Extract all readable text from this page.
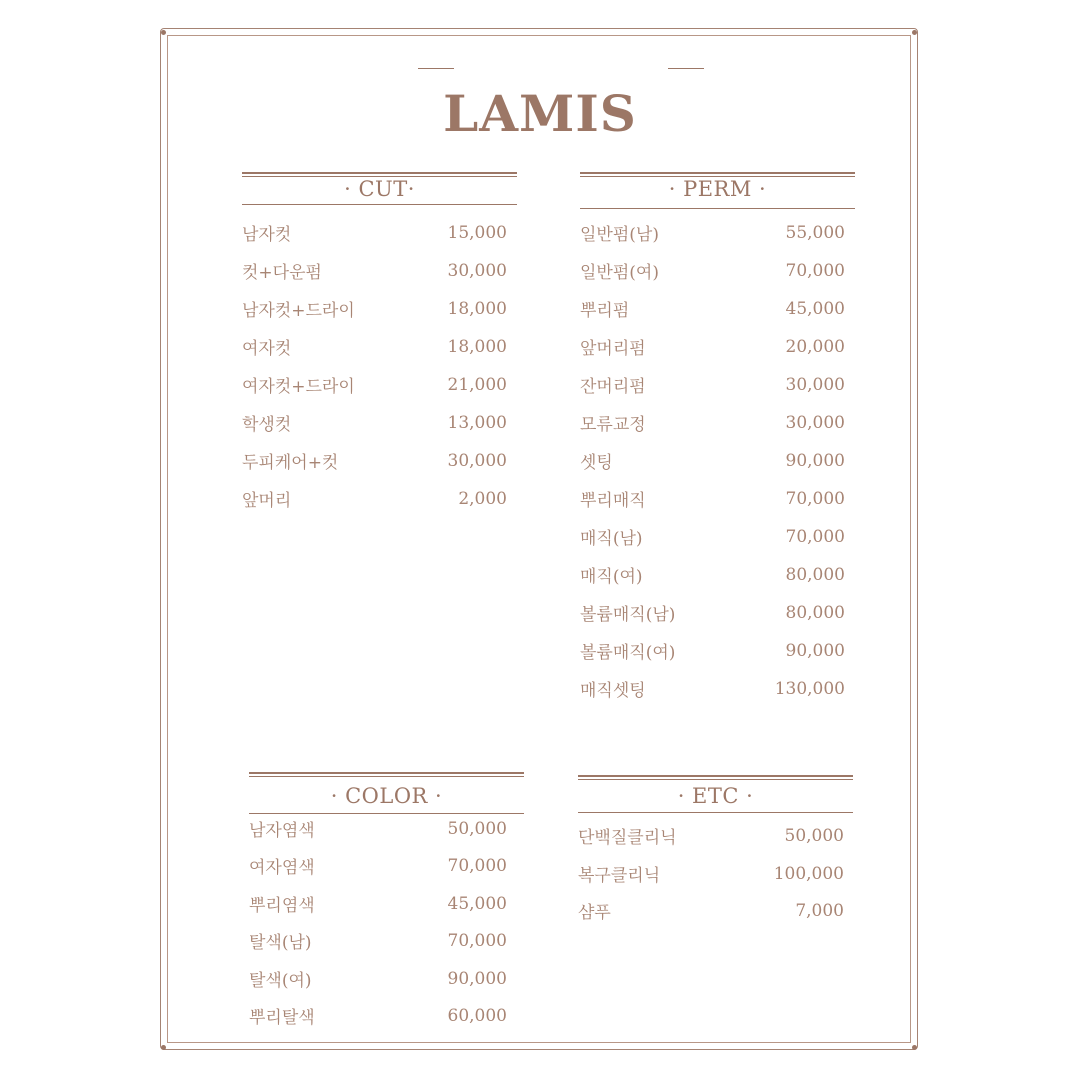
LAMIS
· CUT·
남자컷	15,000
컷+다운펌	30,000
남자컷+드라이	18,000
여자컷	18,000
여자컷+드라이	21,000
학생컷	13,000
두피케어+컷	30,000
앞머리	2,000
· PERM ·
일반펌(남)	55,000
일반펌(여)	70,000
뿌리펌	45,000
앞머리펌	20,000
잔머리펌	30,000
모류교정	30,000
셋팅	90,000
뿌리매직	70,000
매직(남)	70,000
매직(여)	80,000
볼륨매직(남)	80,000
볼륨매직(여)	90,000
매직셋팅	130,000
· COLOR ·
남자염색	50,000
여자염색	70,000
뿌리염색	45,000
탈색(남)	70,000
탈색(여)	90,000
뿌리탈색	60,000
· ETC ·
단백질클리닉	50,000
복구클리닉	100,000
샴푸	7,000
